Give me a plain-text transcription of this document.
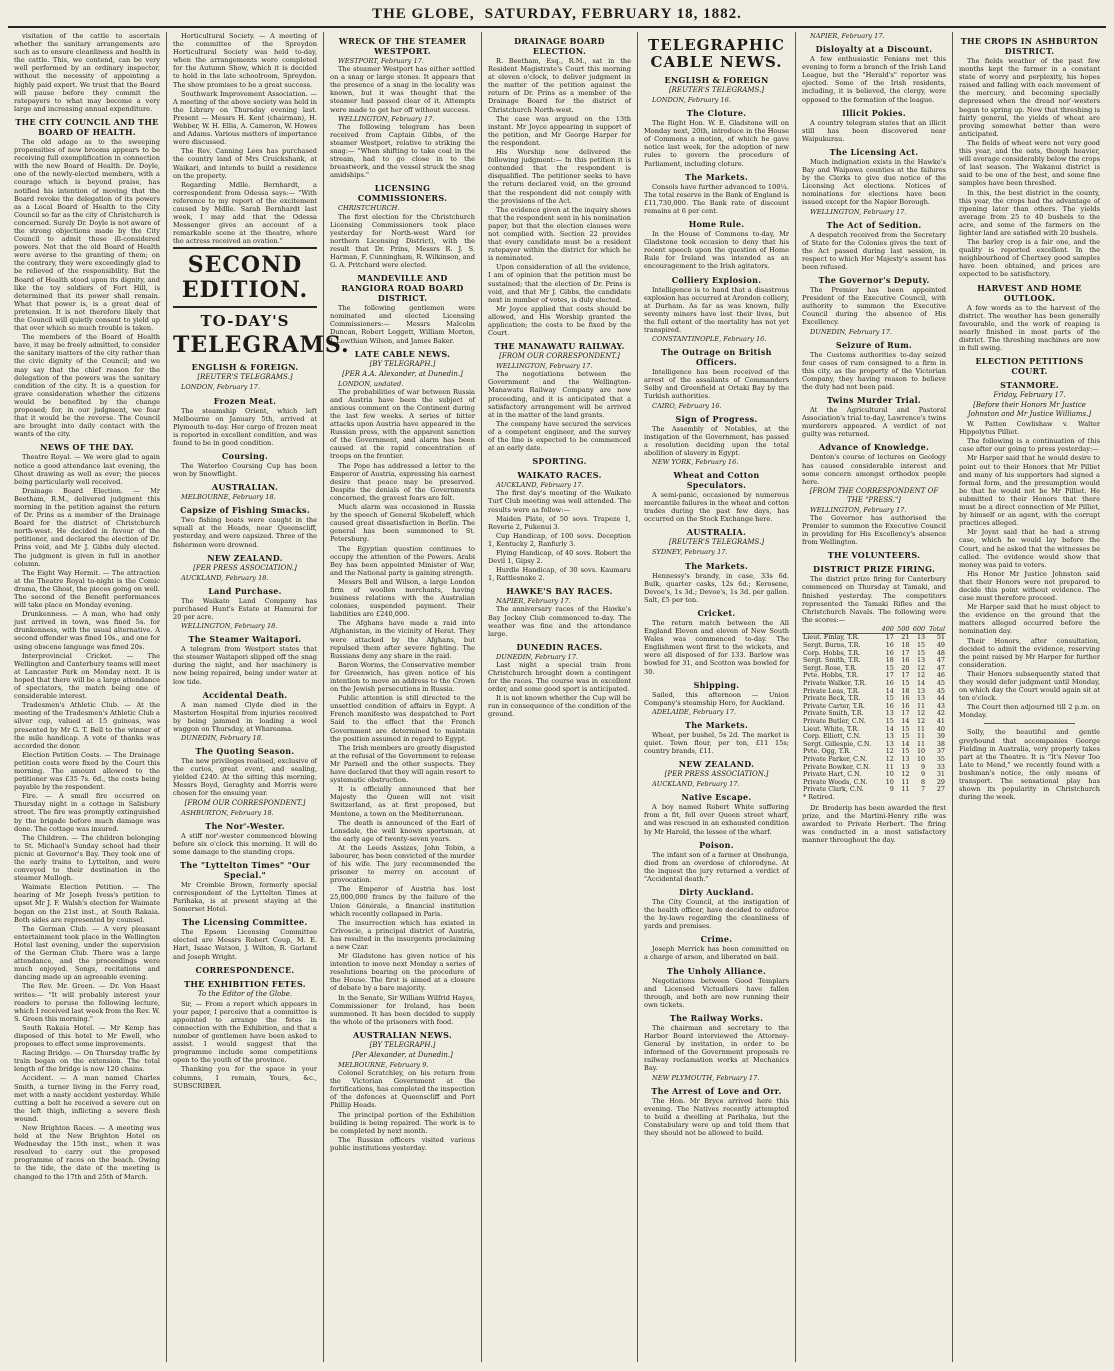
THE GLOBE, SATURDAY, FEBRUARY 18, 1882.

visitation of the cattle to ascertain whether the sanitary arrangements are such as to ensure cleanliness and health in the cattle. This, we contend, can be very well performed by an ordinary inspector, without the necessity of appointing a highly paid expert. We trust that the Board will pause before they commit the ratepayers to what may become a very large and increasing annual expenditure.

THE CITY COUNCIL AND THE BOARD OF HEALTH.

The old adage as to the sweeping propensities of new brooms appears to be receiving full exemplification in connection with the new Board of Health. Dr. Doyle, one of the newly-elected members, with a courage which is beyond praise, has notified his intention of moving that the Board revoke the delegation of its powers as a Local Board of Health to the City Council so far as the city of Christchurch is concerned. Surely Dr. Doyle is not aware of the strong objections made by the City Council to admit those ill-considered powers. Not that the old Board of Health were averse to the granting of them; on the contrary, they were exceedingly glad to be relieved of the responsibility. But the Board of Health stood upon its dignity, and like the toy soldiers of Fort Hill, is determined that its power shall remain. What that power is, is a great deal of pretension. It is not therefore likely that the Council will quietly consent to yield up that over which so much trouble is taken.

The members of the Board of Health have, it may be freely admitted, to consider the sanitary matters of the city rather than the civic dignity of the Council; and we may say that the chief reason for the delegation of the powers was the sanitary condition of the city. It is a question for grave consideration whether the citizens would be benefited by the change proposed; for, in our judgment, we fear that it would be the reverse. The Council are brought into daily contact with the wants of the city.

NEWS OF THE DAY.

Theatre Royal. — We were glad to again notice a good attendance last evening, the Ghost drawing as well as ever; the pieces being particularly well received.

Drainage Board Election. — Mr Beetham, R.M., delivered judgment this morning in the petition against the return of Dr. Prins as a member of the Drainage Board for the district of Christchurch north-west. He decided in favour of the petitioner, and declared the election of Dr. Prins void, and Mr J. Gibbs duly elected. The judgment is given in full in another column.

The Eight Way Hermit. — The attraction at the Theatre Royal to-night is the Comic drama, the Ghost, the pieces going on well. The second of the Benefit performances will take place on Monday evening.

Drunkenness. — A man, who had only just arrived in town, was fined 5s. for drunkenness, with the usual alternative. A second offender was fined 10s., and one for using obscene language was fined 20s.

Interprovincial Cricket. — The Wellington and Canterbury teams will meet at Lancaster Park on Monday next. It is hoped that there will be a large attendance of spectators, the match being one of considerable interest.

Tradesmen's Athletic Club. — At the meeting of the Tradesmen's Athletic Club a silver cup, valued at 15 guineas, was presented by Mr G. T. Bell to the winner of the mile handicap. A vote of thanks was accorded the donor.

Election Petition Costs. — The Drainage petition costs were fixed by the Court this morning. The amount allowed to the petitioner was £35 7s. 6d., the costs being payable by the respondent.

Fire. — A small fire occurred on Thursday night in a cottage in Salisbury street. The fire was promptly extinguished by the brigade before much damage was done. The cottage was insured.

The Children. — The children belonging to St. Michael's Sunday school had their picnic at Governor's Bay. They took one of the early trains to Lyttelton, and were conveyed to their destination in the steamer Mullogh.

Waimate Election Petition. — The hearing of Mr Joseph Ivess's petition to upset Mr J. F. Walsh's election for Waimate began on the 21st inst., at South Rakaia. Both sides are represented by counsel.

The German Club. — A very pleasant entertainment took place in the Wellington Hotel last evening, under the supervision of the German Club. There was a large attendance, and the proceedings were much enjoyed. Songs, recitations and dancing made up an agreeable evening.

The Rev. Mr. Green. — Dr. Von Haast writes:— "It will probably interest your readers to peruse the following lecture, which I received last week from the Rev. W. S. Green this morning."

South Rakaia Hotel. — Mr Kemp has disposed of this hotel to Mr Ewell, who proposes to effect some improvements.

Racing Bridge. — On Thursday traffic by train began on the extension. The total length of the bridge is now 120 chains.

Accident. — A man named Charles Smith, a turner living in the Ferry road, met with a nasty accident yesterday. While cutting a belt he received a severe cut on the left thigh, inflicting a severe flesh wound.

New Brighton Races. — A meeting was held at the New Brighton Hotel on Wednesday the 15th inst., when it was resolved to carry out the proposed programme of races on the beach. Owing to the tide, the date of the meeting is changed to the 17th and 25th of March.

Horticultural Society. — A meeting of the committee of the Spreydon Horticultural Society was held to-day, when the arrangements were completed for the Autumn Show, which it is decided to hold in the late schoolroom, Spreydon. The show promises to be a great success.

Southwark Improvement Association. — A meeting of the above society was held in the Library on Thursday evening last. Present — Messrs H. Kent (chairman), H. Webber, W. H. Ellis, A. Cameron, W. Howes and Adams. Various matters of importance were discussed.

The Rev. Canning Lees has purchased the country land of Mrs Cruickshank, at Waikari, and intends to build a residence on the property.

Regarding Mdlle. Bernhardt, a correspondent from Odessa says:— "With reference to my report of the excitement caused by Mdlle. Sarah Bernhardt last week, I may add that the Odessa Messenger gives an account of a remarkable scene at the theatre, where the actress received an ovation."

SECOND EDITION.
TO-DAY'S
TELEGRAMS.
ENGLISH & FOREIGN.
[REUTER'S TELEGRAMS.]
LONDON, February 17.
Frozen Meat.

The steamship Orient, which left Melbourne on January 5th, arrived at Plymouth to-day. Her cargo of frozen meat is reported in excellent condition, and was found to be in good condition.

Coursing.

The Waterloo Coursing Cup has been won by Snowflight.

AUSTRALIAN.
MELBOURNE, February 18.
Capsize of Fishing Smacks.

Two fishing boats were caught in the squall at the Heads, near Queenscliff, yesterday, and were capsized. Three of the fishermen were drowned.

NEW ZEALAND.
[PER PRESS ASSOCIATION.]
AUCKLAND, February 18.
Land Purchase.

The Waikato Land Company has purchased Hunt's Estate at Hamurai for 20 per acre.

WELLINGTON, February 18.
The Steamer Waitapori.

A telegram from Westport states that the steamer Waitapori slipped off the snag during the night, and her machinery is now being repaired, being under water at low tide.

Accidental Death.

A man named Clyde died in the Masterton Hospital from injuries received by being jammed in loading a wool waggon on Thursday, at Whareama.

DUNEDIN, February 18.
The Quoting Season.

The new privileges realised, exclusive of the curios, great event, and sealing, yielded £240. At the sitting this morning, Messrs Boyd, Geraghty and Morris were chosen for the ensuing year.

[FROM OUR CORRESPONDENT.]
ASHBURTON, February 18.
The Nor'-Wester.

A stiff nor'-wester commenced blowing before six o'clock this morning. It will do some damage to the standing crops.

The "Lyttelton Times" "Our Special."

Mr Crombie Brown, formerly special correspondent of the Lyttelton Times at Parihaka, is at present staying at the Somerset Hotel.

The Licensing Committee.

The Epsom Licensing Committee elected are Messrs Robert Coup, M. E. Hart, Isaac Watson, J. Wilton, R. Garland and Joseph Wright.

CORRESPONDENCE.
THE EXHIBITION FETES.
To the Editor of the Globe.

Sir, — From a report which appears in your paper, I perceive that a committee is appointed to arrange the fetes in connection with the Exhibition, and that a number of gentlemen have been asked to assist. I would suggest that the programme include some competitions open to the youth of the province.

Thanking you for the space in your columns, I remain, Yours, &c., SUBSCRIBER.

WRECK OF THE STEAMER WESTPORT.
WESTPORT, February 17.

The steamer Westport has either settled on a snag or large stones. It appears that the presence of a snag in the locality was known, but it was thought that the steamer had passed clear of it. Attempts were made to get her off without success.

WELLINGTON, February 17.

The following telegram has been received from Captain Gibbs, of the steamer Westport, relative to striking the snag:— "When shifting to take coal in the stream, had to go close in to the breastwork, and the vessel struck the snag amidships."

LICENSING COMMISSIONERS.
CHRISTCHURCH.

The first election for the Christchurch Licensing Commissioners took place yesterday for North-west Ward (or northern Licensing District), with the result that Dr. Prins, Messrs R. J. S. Harman, F. Cunningham, R. Wilkinson, and G. A. Pritchard were elected.

MANDEVILLE AND RANGIORA ROAD BOARD DISTRICT.

The following gentlemen were nominated and elected Licensing Commissioners:— Messrs Malcolm Duncan, Robert Leggett, William Morton, J. Lowthian Wilson, and James Baker.

LATE CABLE NEWS.
[BY TELEGRAPH.]
[PER A.A. Alexander, at Dunedin.]
LONDON, undated.

The probabilities of war between Russia and Austria have been the subject of anxious comment on the Continent during the last few weeks. A series of bitter attacks upon Austria have appeared in the Russian press, with the apparent sanction of the Government, and alarm has been caused at the rapid concentration of troops on the frontier.

The Pope has addressed a letter to the Emperor of Austria, expressing his earnest desire that peace may be preserved. Despite the denials of the Governments concerned, the gravest fears are felt.

Much alarm was occasioned in Russia by the speech of General Skobeleff, which caused great dissatisfaction in Berlin. The general has been summoned to St. Petersburg.

The Egyptian question continues to occupy the attention of the Powers. Arabi Bey has been appointed Minister of War, and the National party is gaining strength.

Messrs Bell and Wilson, a large London firm of woollen merchants, having business relations with the Australian colonies, suspended payment. Their liabilities are £240,000.

The Afghans have made a raid into Afghanistan, in the vicinity of Herat. They were attacked by the Afghans, but repulsed them after severe fighting. The Russians deny any share in the raid.

Baron Worms, the Conservative member for Greenwich, has given notice of his intention to move an address to the Crown on the Jewish persecutions in Russia.

Public attention is still directed to the unsettled condition of affairs in Egypt. A French manifesto was despatched to Port Said to the effect that the French Government are determined to maintain the position assumed in regard to Egypt.

The Irish members are greatly disgusted at the refusal of the Government to release Mr Parnell and the other suspects. They have declared that they will again resort to systematic obstruction.

It is officially announced that her Majesty the Queen will not visit Switzerland, as at first proposed, but Mentone, a town on the Mediterranean.

The death is announced of the Earl of Lonsdale, the well known sportsman, at the early age of twenty-seven years.

At the Leeds Assizes, John Tobin, a labourer, has been convicted of the murder of his wife. The jury recommended the prisoner to mercy on account of provocation.

The Emperor of Austria has lost 25,000,000 francs by the failure of the Union Générale, a financial institution which recently collapsed in Paris.

The insurrection which has existed in Crivoscie, a principal district of Austria, has resulted in the insurgents proclaiming a new Czar.

Mr Gladstone has given notice of his intention to move next Monday a series of resolutions bearing on the procedure of the House. The first is aimed at a closure of debate by a bare majority.

In the Senate, Sir William Wilfrid Hayes, Commissioner for Ireland, has been summoned. It has been decided to supply the whole of the prisoners with food.

AUSTRALIAN NEWS.
[BY TELEGRAPH.]
[Per Alexander, at Dunedin.]
MELBOURNE, February 9.

Colonel Scratchley, on his return from the Victorian Government at the fortifications, has completed the inspection of the defences at Queenscliff and Port Phillip Heads.

The principal portion of the Exhibition building is being repaired. The work is to be completed by next month.

The Russian officers visited various public institutions yesterday.

DRAINAGE BOARD ELECTION.

R. Beetham, Esq., R.M., sat in the Resident Magistrate's Court this morning at eleven o'clock, to deliver judgment in the matter of the petition against the return of Dr. Prins as a member of the Drainage Board for the district of Christchurch North-west.

The case was argued on the 13th instant. Mr Joyce appearing in support of the petition, and Mr George Harper for the respondent.

His Worship now delivered the following judgment:— In this petition it is contended that the respondent is disqualified. The petitioner seeks to have the return declared void, on the ground that the respondent did not comply with the provisions of the Act.

The evidence given at the inquiry shows that the respondent sent in his nomination paper, but that the election clauses were not complied with. Section 22 provides that every candidate must be a resident ratepayer within the district for which he is nominated.

Upon consideration of all the evidence, I am of opinion that the petition must be sustained; that the election of Dr. Prins is void, and that Mr J. Gibbs, the candidate next in number of votes, is duly elected.

Mr Joyce applied that costs should be allowed, and His Worship granted the application; the costs to be fixed by the Court.

THE MANAWATU RAILWAY.
[FROM OUR CORRESPONDENT.]
WELLINGTON, February 17.

The negotiations between the Government and the Wellington-Manawatu Railway Company are now proceeding, and it is anticipated that a satisfactory arrangement will be arrived at in the matter of the land grants.

The company have secured the services of a competent engineer, and the survey of the line is expected to be commenced at an early date.

SPORTING.
WAIKATO RACES.
AUCKLAND, February 17.

The first day's meeting of the Waikato Turf Club meeting was well attended. The results were as follow:—

Maiden Plate, of 50 sovs. Trapeze 1, Reverie 2, Pukenui 3.

Cup Handicap, of 100 sovs. Deception 1, Kentucky 2, Ranfurly 3.

Flying Handicap, of 40 sovs. Robert the Devil 1, Gipsy 2.

Hurdle Handicap, of 30 sovs. Kaumaru 1, Rattlesnake 2.

HAWKE'S BAY RACES.
NAPIER, February 17.

The anniversary races of the Hawke's Bay Jockey Club commenced to-day. The weather was fine and the attendance large.

DUNEDIN RACES.
DUNEDIN, February 17.

Last night a special train from Christchurch brought down a contingent for the races. The course was in excellent order, and some good sport is anticipated.

It is not known whether the Cup will be run in consequence of the condition of the ground.

TELEGRAPHIC CABLE NEWS.
ENGLISH & FOREIGN
[REUTER'S TELEGRAMS.]
LONDON, February 16.
The Cloture.

The Right Hon. W. E. Gladstone will on Monday next, 20th, introduce in the House of Commons a motion, of which he gave notice last week, for the adoption of new rules to govern the procedure of Parliament, including cloture.

The Markets.

Consols have further advanced to 100¼. The total reserve in the Bank of England is £11,730,000. The Bank rate of discount remains at 6 per cent.

Home Rule.

In the House of Commons to-day, Mr Gladstone took occasion to deny that his recent speech upon the question of Home Rule for Ireland was intended as an encouragement to the Irish agitators.

Colliery Explosion.

Intelligence is to hand that a disastrous explosion has occurred at Arondon colliery, at Durham. As far as was known, fully seventy miners have lost their lives, but the full extent of the mortality has not yet transpired.

CONSTANTINOPLE, February 16.
The Outrage on British Officers.

Intelligence has been received of the arrest of the assailants of Commanders Selby and Greenfield at Ortaki Bay by the Turkish authorities.

CAIRO, February 16.
Sign of Progress.

The Assembly of Notables, at the instigation of the Government, has passed a resolution deciding upon the total abolition of slavery in Egypt.

NEW YORK, February 16.
Wheat and Cotton Speculators.

A semi-panic, occasioned by numerous mercantile failures in the wheat and cotton trades during the past few days, has occurred on the Stock Exchange here.

AUSTRALIA.
[REUTER'S TELEGRAMS.]
SYDNEY, February 17.
The Markets.

Hennessy's brandy, in case, 33s 6d. Bulk, quarter casks, 12s 6d.; Kerosene, Devoe's, 1s 3d.; Devoe's, 1s 3d. per gallon. Salt, £5 per ton.

Cricket.

The return match between the All England Eleven and eleven of New South Wales was commenced to-day. The Englishmen went first to the wickets, and were all disposed of for 133. Barlow was bowled for 31, and Scotton was bowled for 30.

Shipping.

Sailed, this afternoon — Union Company's steamship Hero, for Auckland.

ADELAIDE, February 17.
The Markets.

Wheat, per bushel, 5s 2d. The market is quiet. Town flour, per ton, £11 15s; country brands, £11.

NEW ZEALAND.
[PER PRESS ASSOCIATION.]
AUCKLAND, February 17.
Native Escape.

A boy named Robert White suffering from a fit, fell over Queen street wharf, and was rescued in an exhausted condition by Mr Harold, the lessee of the wharf.

Poison.

The infant son of a farmer at Onehunga, died from an overdose of chlorodyne. At the inquest the jury returned a verdict of "Accidental death."

Dirty Auckland.

The City Council, at the instigation of the health officer, have decided to enforce the by-laws regarding the cleanliness of yards and premises.

Crime.

Joseph Merrick has been committed on a charge of arson, and liberated on bail.

The Unholy Alliance.

Negotiations between Good Templars and Licensed Victuallers have fallen through, and both are now running their own tickets.

The Railway Works.

The chairman and secretary to the Harbor Board interviewed the Attorney-General by invitation, in order to be informed of the Government proposals re railway reclamation works at Mechanics Bay.

NEW PLYMOUTH, February 17.
The Arrest of Love and Orr.

The Hon. Mr Bryce arrived here this evening. The Natives recently attempted to build a dwelling at Parihaka, but the Constabulary were up and told them that they should not be allowed to build.

NAPIER, February 17.
Disloyalty at a Discount.

A few enthusiastic Fenians met this evening to form a branch of the Irish Land League, but the "Herald's" reporter was ejected. Some of the Irish residents, including, it is believed, the clergy, were opposed to the formation of the league.

Illicit Pokies.

A country telegram states that an illicit still has been discovered near Waipukurau.

The Licensing Act.

Much indignation exists in the Hawke's Bay and Waipawa counties at the failures by the Clerks to give due notice of the Licensing Act elections. Notices of nominations for elections have been issued except for the Napier Borough.

WELLINGTON, February 17.
The Act of Sedition.

A despatch received from the Secretary of State for the Colonies gives the text of the Act passed during last session, in respect to which Her Majesty's assent has been refused.

The Governor's Deputy.

The Premier has been appointed President of the Executive Council, with authority to summon the Executive Council during the absence of His Excellency.

DUNEDIN, February 17.
Seizure of Rum.

The Customs authorities to-day seized four cases of rum consigned to a firm in this city, as the property of the Victorian Company, they having reason to believe the duty had not been paid.

Twins Murder Trial.

At the Agricultural and Pastoral Association's trial to-day, Lawrence's twins murderers appeared. A verdict of not guilty was returned.

Advance of Knowledge.

Denton's course of lectures on Geology has caused considerable interest and some concern amongst orthodox people here.

[FROM THE CORRESPONDENT OF THE "PRESS."]
WELLINGTON, February 17.

The Governor has authorised the Premier to summon the Executive Council in providing for His Excellency's absence from Wellington.

THE VOLUNTEERS.
DISTRICT PRIZE FIRING.

The district prize firing for Canterbury commenced on Thursday at Tamaki, and finished yesterday. The competitors represented the Tamaki Rifles and the Christchurch Navals. The following were the scores:—

	400	500	600	Total
Lieut. Finlay, T.R.	17	21	13	51
Sergt. Burns, T.R.	16	18	15	49
Corp. Hobbs, T.R.	16	17	15	48
Sergt. Smith, T.R.	18	16	13	47
Sergt. Rose, T.R.	15	20	12	47
Pvte. Hobbs, T.R.	17	17	12	46
Private Walker, T.R.	16	15	14	45
Private Leas, T.R.	14	18	13	45
Private Beck, T.R.	15	16	13	44
Private Carter, T.R.	16	16	11	43
Private Smith, T.R.	13	17	12	42
Private Butler, C.N.	15	14	12	41
Lieut. White, T.R.	14	15	11	40
Corp. Elliott, C.N.	13	15	11	39
Sergt. Gillespie, C.N.	13	14	11	38
Pvte. Ogg, T.R.	12	15	10	37
Private Parker, C.N.	12	13	10	35
Private Bowker, C.N.	11	13	9	33
Private Hart, C.N.	10	12	9	31
Private Woods, C.N.	10	11	8	29
Private Clark, C.N.	9	11	7	27
* Retired.				

Dr. Broderip has been awarded the first prize, and the Martini-Henry rifle was awarded to Private Herbert. The firing was conducted in a most satisfactory manner throughout the day.

THE CROPS IN ASHBURTON DISTRICT.

The fields weather of the past few months kept the farmer in a constant state of worry and perplexity, his hopes raised and falling with each movement of the mercury, and becoming specially depressed when the dread nor'-westers began to spring up. Now that threshing is fairly general, the yields of wheat are proving somewhat better than were anticipated.

The fields of wheat were not very good this year, and the oats, though heavier, will average considerably below the crops of last season. The Wakanui district is said to be one of the best, and some fine samples have been threshed.

In this, the best district in the county, this year, the crops had the advantage of ripening later than others. The yields average from 25 to 40 bushels to the acre, and some of the farmers on the lighter land are satisfied with 20 bushels.

The barley crop is a fair one, and the quality is reported excellent. In the neighbourhood of Chertsey good samples have been obtained, and prices are expected to be satisfactory.

HARVEST AND HOME OUTLOOK.

A few words as to the harvest of the district. The weather has been generally favourable, and the work of reaping is nearly finished in most parts of the district. The threshing machines are now in full swing.

ELECTION PETITIONS COURT.
STANMORE.
Friday, February 17.
[Before their Honors Mr Justice Johnston and Mr Justice Williams.]

W. Patten Cowlishaw v. Walter Hippolytus Pilliet.

The following is a continuation of this case after our going to press yesterday:—

Mr Harper said that he would desire to point out to their Honors that Mr Pilliet and many of his supporters had signed a formal form, and the presumption would be that he would not be Mr Pilliet. He submitted to their Honors that there must be a direct connection of Mr Pilliet, by himself or an agent, with the corrupt practices alleged.

Mr Joynt said that he had a strong case, which he would lay before the Court, and he asked that the witnesses be called. The evidence would show that money was paid to voters.

His Honor Mr Justice Johnston said that their Honors were not prepared to decide this point without evidence. The case must therefore proceed.

Mr Harper said that he must object to the evidence on the ground that the matters alleged occurred before the nomination day.

Their Honors, after consultation, decided to admit the evidence, reserving the point raised by Mr Harper for further consideration.

Their Honors subsequently stated that they would defer judgment until Monday, on which day the Court would again sit at ten o'clock.

The Court then adjourned till 2 p.m. on Monday.

Solly, the beautiful and gentle greyhound that accompanies George Fielding in Australia, very properly takes part at the Theatre. It is "It's Never Too Late to Mend," we recently found with a bushman's notice, the only means of transport. The sensational play has shown its popularity in Christchurch during the week.
